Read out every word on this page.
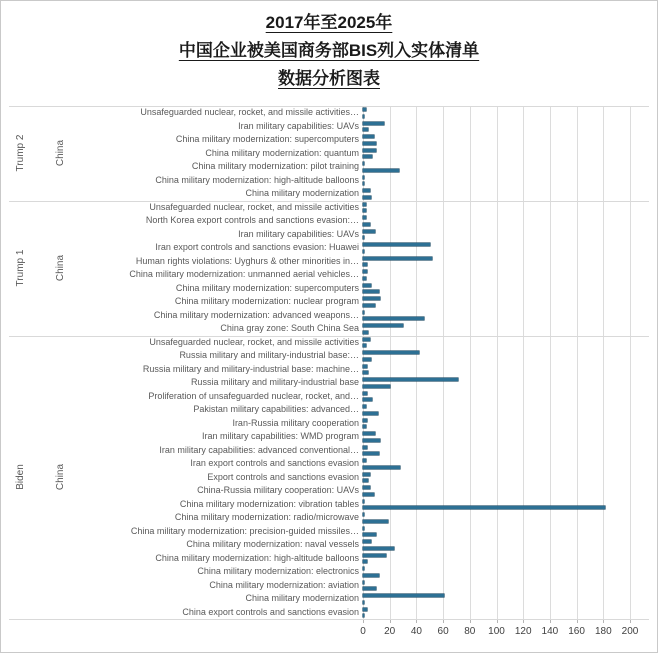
2017年至2025年
中国企业被美国商务部BIS列入实体清单
数据分析图表
0	20	40	60	80	100	120	140	160	180	200
Unsafeguarded nuclear, rocket, and missile activities…
Iran military capabilities: UAVs
China military modernization: supercomputers
China military modernization: quantum
China military modernization: pilot training
China military modernization: high-altitude balloons
China military modernization
Trump 2	China
Unsafeguarded nuclear, rocket, and missile activities
North Korea export controls and sanctions evasion:…
Iran military capabilities: UAVs
Iran export controls and sanctions evasion: Huawei
Human rights violations: Uyghurs & other minorities in…
China military modernization: unmanned aerial vehicles…
China military modernization: supercomputers
China military modernization: nuclear program
China military modernization: advanced weapons…
China gray zone: South China Sea
Trump 1	China
Unsafeguarded nuclear, rocket, and missile activities
Russia military and military-industrial base:…
Russia military and military-industrial base: machine…
Russia military and military-industrial base
Proliferation of unsafeguarded nuclear, rocket, and…
Pakistan military capabilities: advanced…
Iran-Russia military cooperation
Iran military capabilities: WMD program
Iran military capabilities: advanced conventional…
Iran export controls and sanctions evasion
Export controls and sanctions evasion
China-Russia military cooperation: UAVs
China military modernization: vibration tables
China military modernization: radio/microwave
China military modernization: precision-guided missiles…
China military modernization: naval vessels
China military modernization: high-altitude balloons
China military modernization: electronics
China military modernization: aviation
China military modernization
China export controls and sanctions evasion
Biden	China
